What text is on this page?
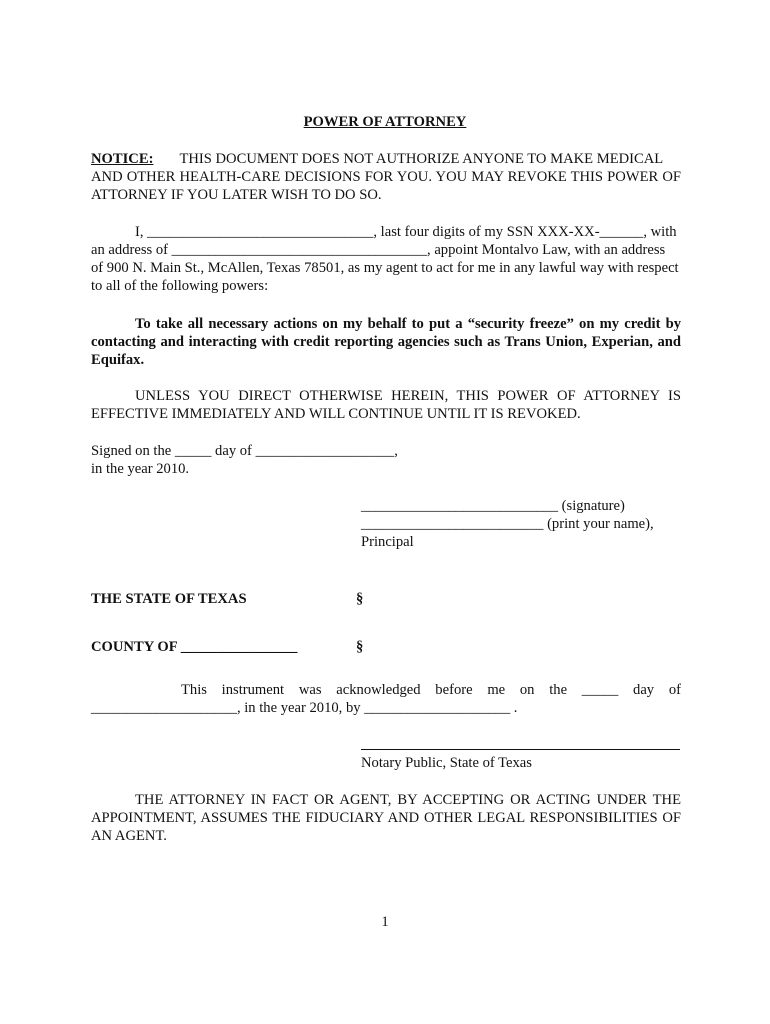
POWER OF ATTORNEY
NOTICE: THIS DOCUMENT DOES NOT AUTHORIZE ANYONE TO MAKE MEDICAL
AND OTHER HEALTH-CARE DECISIONS FOR YOU. YOU MAY REVOKE THIS POWER OF ATTORNEY IF YOU LATER WISH TO DO SO.
I, _______________________________, last four digits of my SSN XXX-XX-______, with
an address of ___________________________________, appoint Montalvo Law, with an address
of 900 N. Main St., McAllen, Texas 78501, as my agent to act for me in any lawful way with respect
to all of the following powers:
To take all necessary actions on my behalf to put a “security freeze” on my credit by contacting and interacting with credit reporting agencies such as Trans Union, Experian, and Equifax.
UNLESS YOU DIRECT OTHERWISE HEREIN, THIS POWER OF ATTORNEY IS EFFECTIVE IMMEDIATELY AND WILL CONTINUE UNTIL IT IS REVOKED.
Signed on the _____ day of ___________________,
in the year 2010.
___________________________ (signature)
_________________________ (print your name),
Principal
THE STATE OF TEXAS	§
COUNTY OF ________________	§
This instrument was acknowledged before me on the _____ day of
____________________, in the year 2010, by ____________________ .
Notary Public, State of Texas
THE ATTORNEY IN FACT OR AGENT, BY ACCEPTING OR ACTING UNDER THE APPOINTMENT, ASSUMES THE FIDUCIARY AND OTHER LEGAL RESPONSIBILITIES OF AN AGENT.
1
